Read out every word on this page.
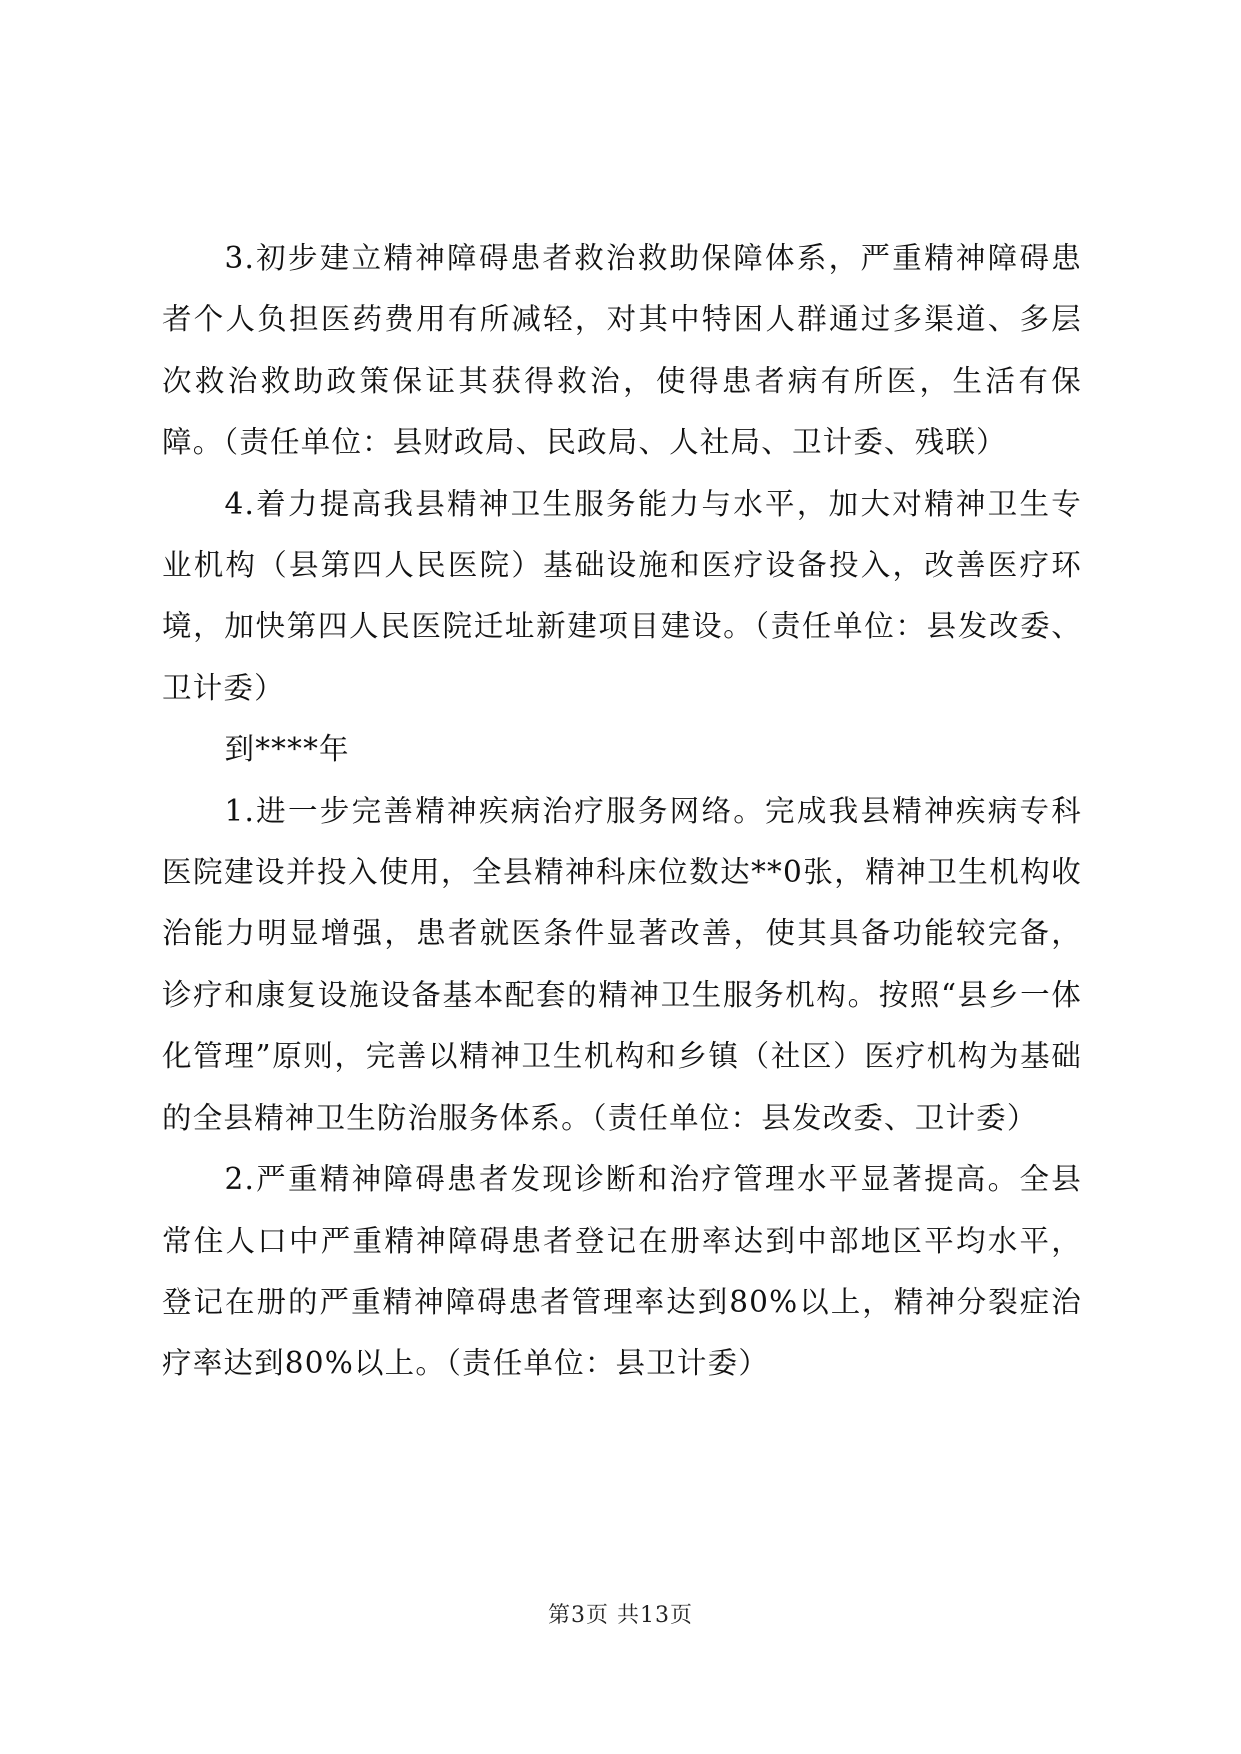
3.初步建立精神障碍患者救治救助保障体系，严重精神障碍患者个人负担医药费用有所减轻，对其中特困人群通过多渠道、多层次救治救助政策保证其获得救治，使得患者病有所医，生活有保障。（责任单位：县财政局、民政局、人社局、卫计委、残联）

4.着力提高我县精神卫生服务能力与水平，加大对精神卫生专业机构（县第四人民医院）基础设施和医疗设备投入，改善医疗环境，加快第四人民医院迁址新建项目建设。（责任单位：县发改委、卫计委）

到****年

1.进一步完善精神疾病治疗服务网络。完成我县精神疾病专科医院建设并投入使用，全县精神科床位数达**0张，精神卫生机构收治能力明显增强，患者就医条件显著改善，使其具备功能较完备，诊疗和康复设施设备基本配套的精神卫生服务机构。按照“县乡一体化管理”原则，完善以精神卫生机构和乡镇（社区）医疗机构为基础的全县精神卫生防治服务体系。（责任单位：县发改委、卫计委）

2.严重精神障碍患者发现诊断和治疗管理水平显著提高。全县常住人口中严重精神障碍患者登记在册率达到中部地区平均水平，登记在册的严重精神障碍患者管理率达到80%以上，精神分裂症治疗率达到80%以上。（责任单位：县卫计委）

第3页 共13页
